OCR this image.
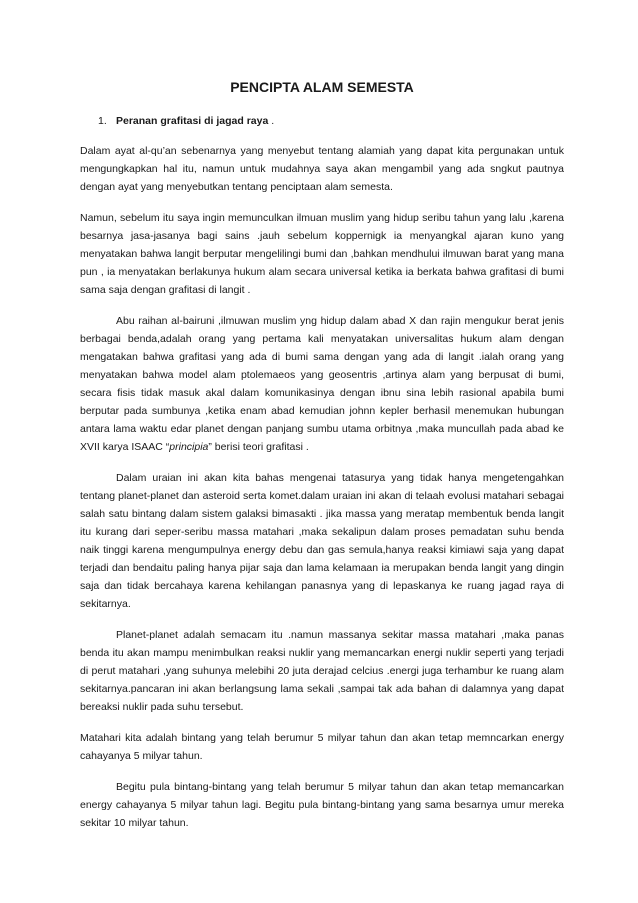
PENCIPTA ALAM SEMESTA
1. Peranan grafitasi di jagad raya .

Dalam ayat al-qu’an sebenarnya yang menyebut tentang alamiah yang dapat kita pergunakan untuk mengungkapkan hal itu, namun untuk mudahnya saya akan mengambil yang ada sngkut pautnya dengan ayat yang menyebutkan tentang penciptaan alam semesta.

Namun, sebelum itu saya ingin memunculkan ilmuan muslim yang hidup seribu tahun yang lalu ,karena besarnya jasa-jasanya bagi sains .jauh sebelum koppernigk ia menyangkal ajaran kuno yang menyatakan bahwa langit berputar mengelilingi bumi dan ,bahkan mendhului ilmuwan barat yang mana pun , ia menyatakan berlakunya hukum alam secara universal ketika ia berkata bahwa grafitasi di bumi sama saja dengan grafitasi di langit .

Abu raihan al-bairuni ,ilmuwan muslim yng hidup dalam abad X dan rajin mengukur berat jenis berbagai benda,adalah orang yang pertama kali menyatakan universalitas hukum alam dengan mengatakan bahwa grafitasi yang ada di bumi sama dengan yang ada di langit .ialah orang yang menyatakan bahwa model alam ptolemaeos yang geosentris ,artinya alam yang berpusat di bumi, secara fisis tidak masuk akal dalam komunikasinya dengan ibnu sina lebih rasional apabila bumi berputar pada sumbunya ,ketika enam abad kemudian johnn kepler berhasil menemukan hubungan antara lama waktu edar planet dengan panjang sumbu utama orbitnya ,maka muncullah pada abad ke XVII karya ISAAC “principia” berisi teori grafitasi .

Dalam uraian ini akan kita bahas mengenai tatasurya yang tidak hanya mengetengahkan tentang planet-planet dan asteroid serta komet.dalam uraian ini akan di telaah evolusi matahari sebagai salah satu bintang dalam sistem galaksi bimasakti . jika massa yang meratap membentuk benda langit itu kurang dari seper-seribu massa matahari ,maka sekalipun dalam proses pemadatan suhu benda naik tinggi karena mengumpulnya energy debu dan gas semula,hanya reaksi kimiawi saja yang dapat terjadi dan bendaitu paling hanya pijar saja dan lama kelamaan ia merupakan benda langit yang dingin saja dan tidak bercahaya karena kehilangan panasnya yang di lepaskanya ke ruang jagad raya di sekitarnya.

Planet-planet adalah semacam itu .namun massanya sekitar massa matahari ,maka panas benda itu akan mampu menimbulkan reaksi nuklir yang memancarkan energi nuklir seperti yang terjadi di perut matahari ,yang suhunya melebihi 20 juta derajad celcius .energi juga terhambur ke ruang alam sekitarnya.pancaran ini akan berlangsung lama sekali ,sampai tak ada bahan di dalamnya yang dapat bereaksi nuklir pada suhu tersebut.

Matahari kita adalah bintang yang telah berumur 5 milyar tahun dan akan tetap memncarkan energy cahayanya 5 milyar tahun.

Begitu pula bintang-bintang yang telah berumur 5 milyar tahun dan akan tetap memancarkan energy cahayanya 5 milyar tahun lagi. Begitu pula bintang-bintang yang sama besarnya umur mereka sekitar 10 milyar tahun.
